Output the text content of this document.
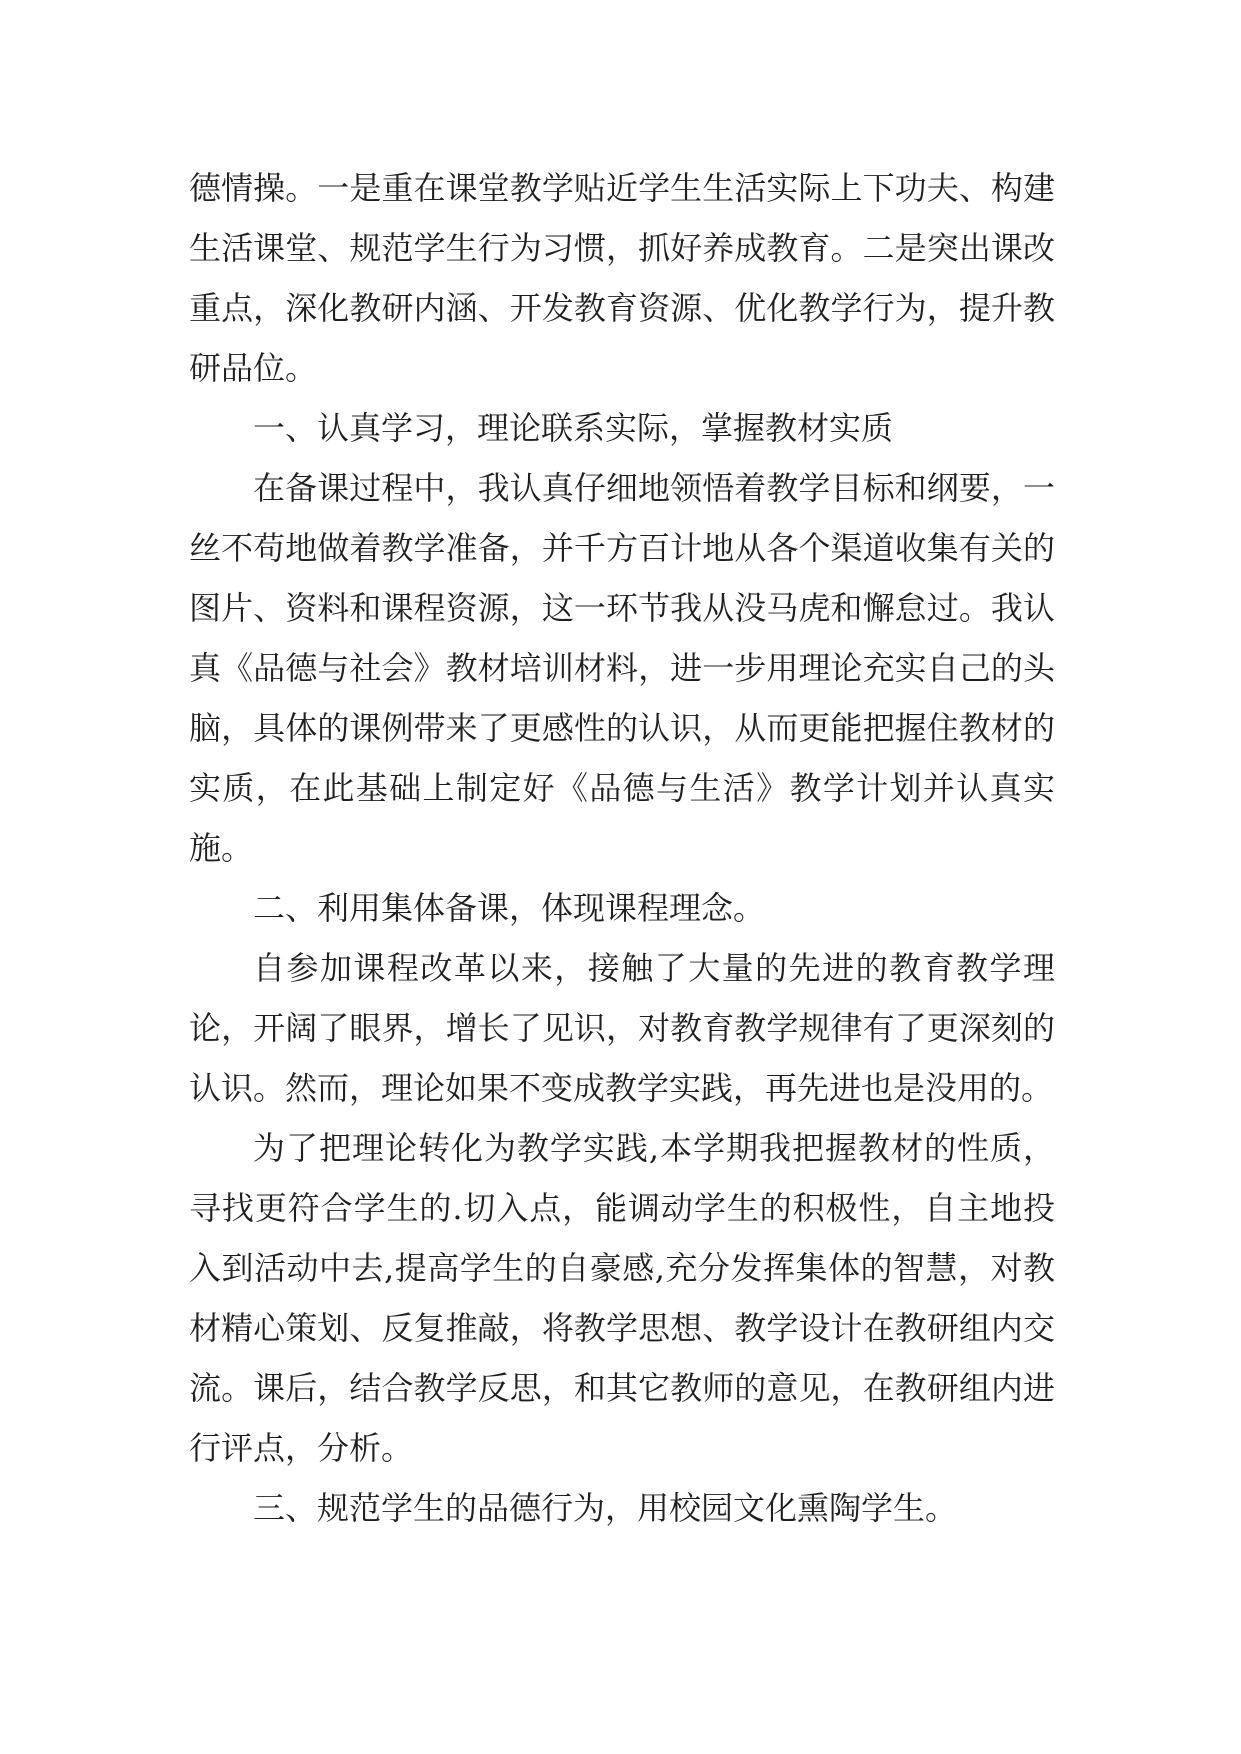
德情操。一是重在课堂教学贴近学生生活实际上下功夫、构建生活课堂、规范学生行为习惯，抓好养成教育。二是突出课改重点，深化教研内涵、开发教育资源、优化教学行为，提升教研品位。

一、认真学习，理论联系实际，掌握教材实质

在备课过程中，我认真仔细地领悟着教学目标和纲要，一丝不苟地做着教学准备，并千方百计地从各个渠道收集有关的图片、资料和课程资源，这一环节我从没马虎和懈怠过。我认真《品德与社会》教材培训材料，进一步用理论充实自己的头脑，具体的课例带来了更感性的认识，从而更能把握住教材的实质，在此基础上制定好《品德与生活》教学计划并认真实施。

二、利用集体备课，体现课程理念。

自参加课程改革以来，接触了大量的先进的教育教学理论，开阔了眼界，增长了见识，对教育教学规律有了更深刻的认识。然而，理论如果不变成教学实践，再先进也是没用的。

为了把理论转化为教学实践,本学期我把握教材的性质，寻找更符合学生的.切入点，能调动学生的积极性，自主地投入到活动中去,提高学生的自豪感,充分发挥集体的智慧，对教材精心策划、反复推敲，将教学思想、教学设计在教研组内交流。课后，结合教学反思，和其它教师的意见，在教研组内进行评点，分析。

三、规范学生的品德行为，用校园文化熏陶学生。
